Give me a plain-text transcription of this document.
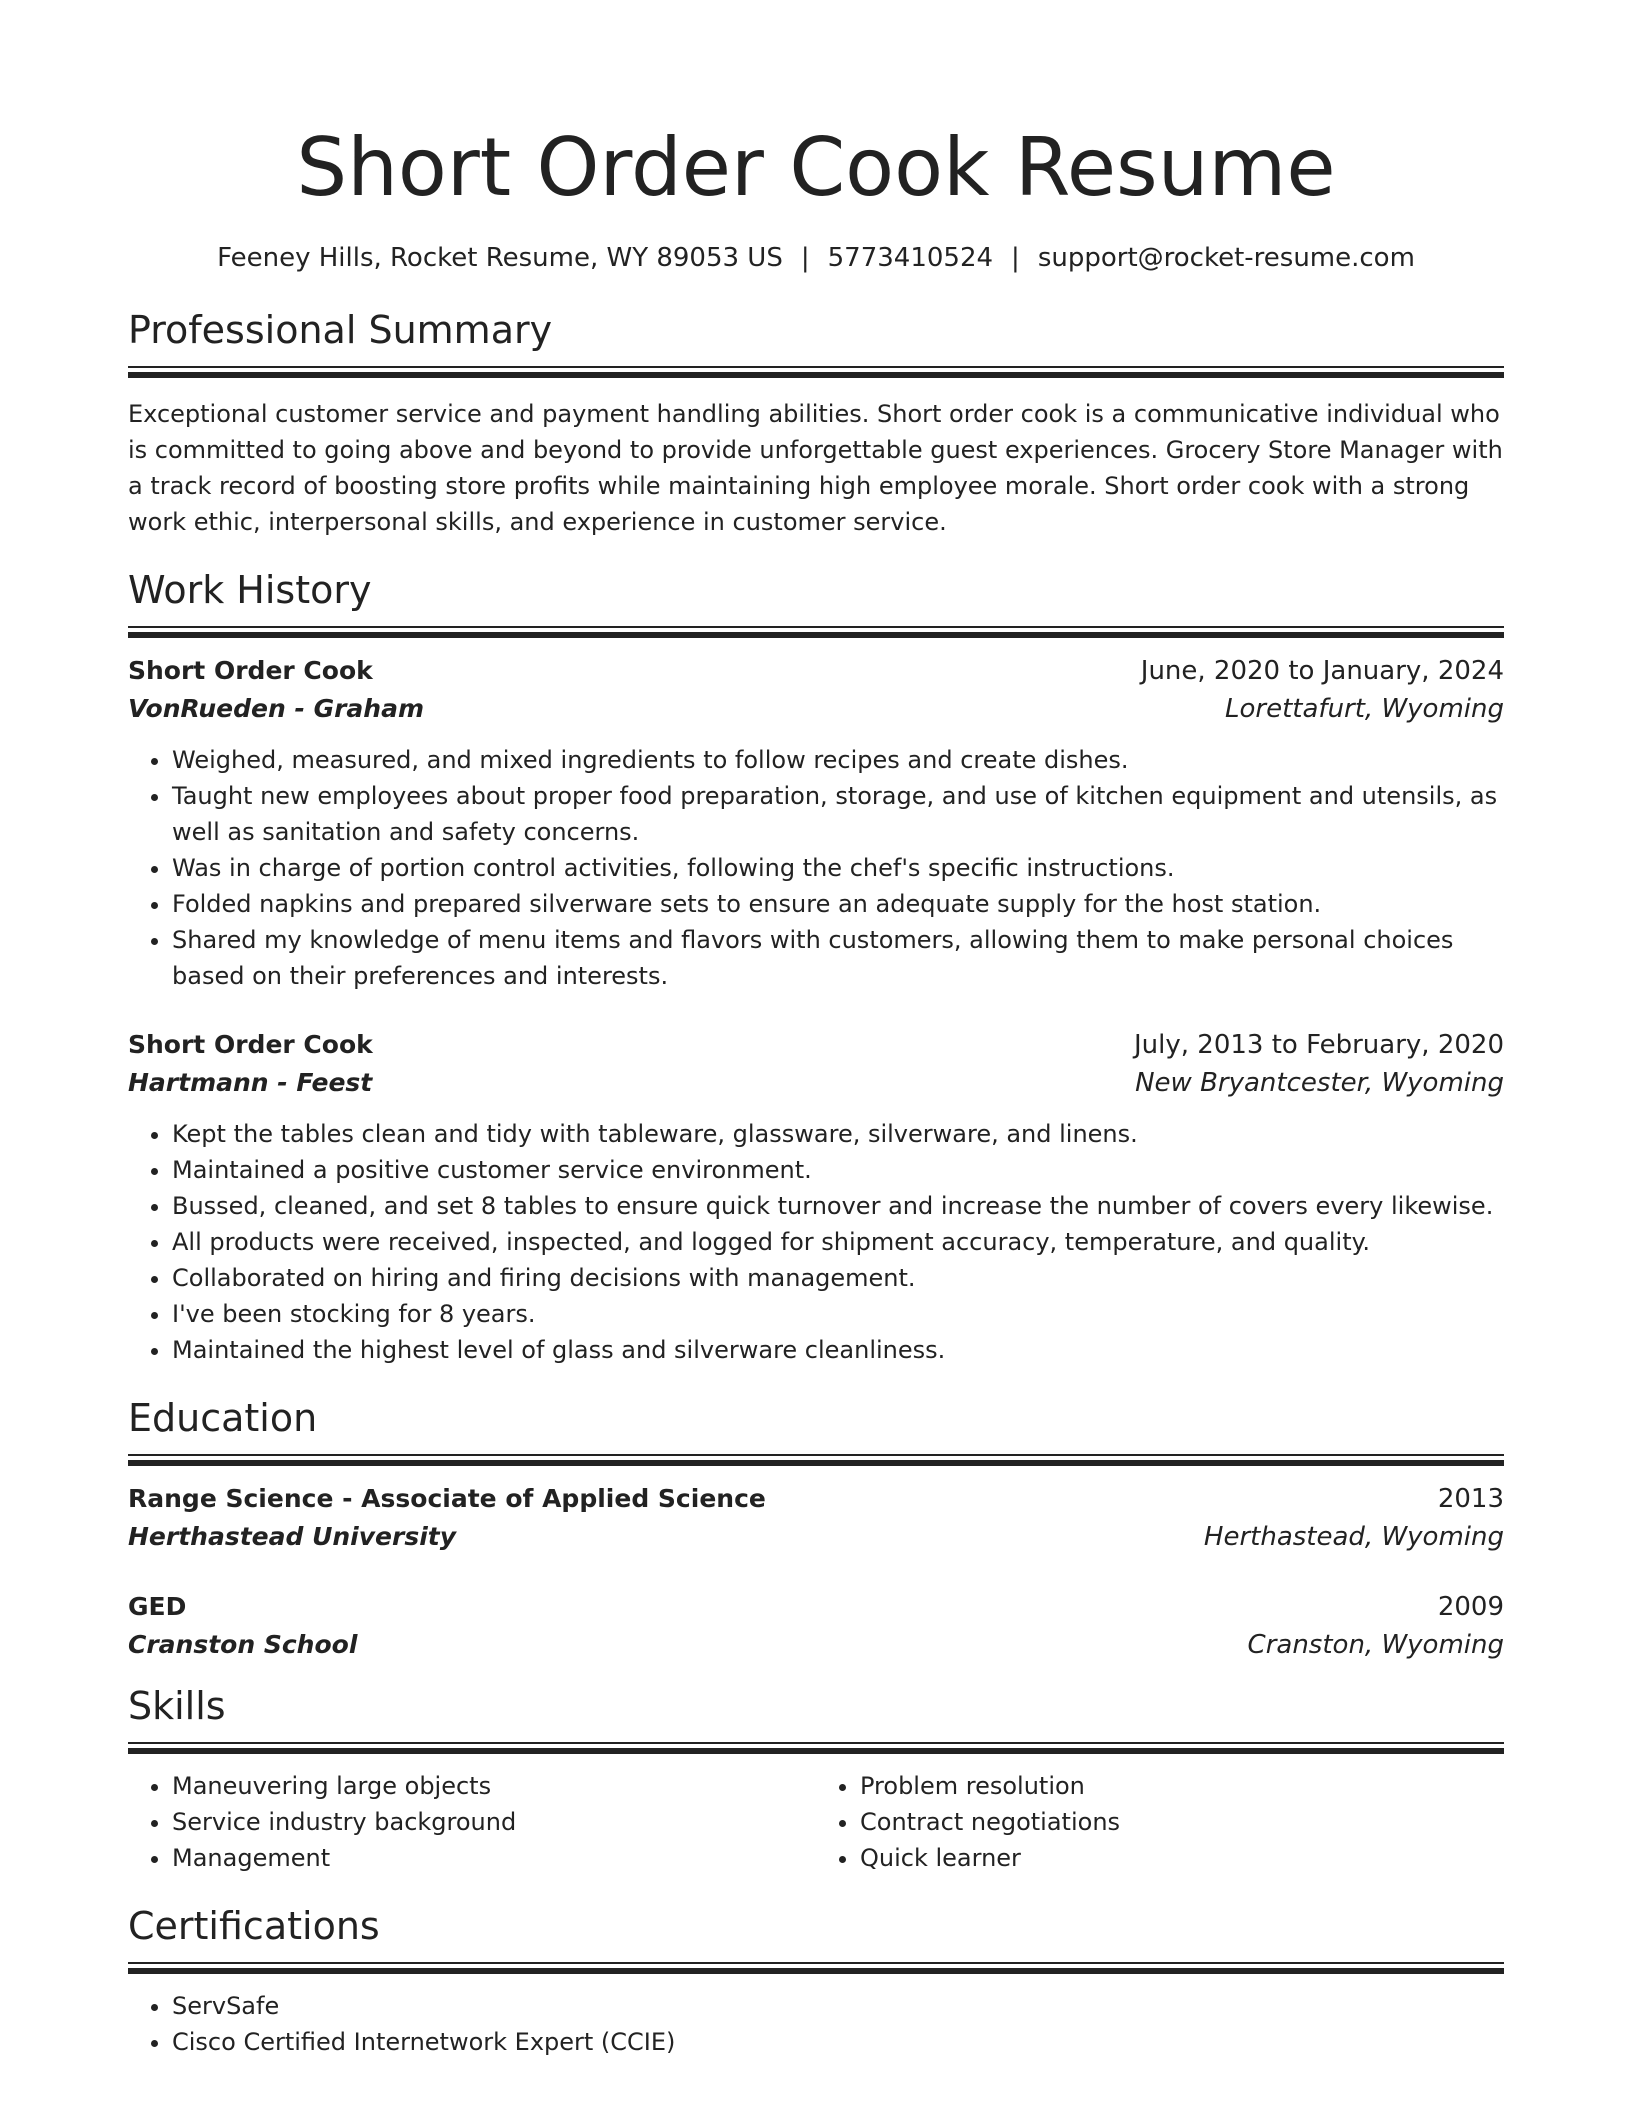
Short Order Cook Resume
Feeney Hills, Rocket Resume, WY 89053 US | 5773410524 | support@rocket-resume.com
Professional Summary

Exceptional customer service and payment handling abilities. Short order cook is a communicative individual who is committed to going above and beyond to provide unforgettable guest experiences. Grocery Store Manager with a track record of boosting store profits while maintaining high employee morale. Short order cook with a strong work ethic, interpersonal skills, and experience in customer service.

Work History
Short Order Cook	June, 2020 to January, 2024
VonRueden - Graham	Lorettafurt, Wyoming
• Weighed, measured, and mixed ingredients to follow recipes and create dishes.
• Taught new employees about proper food preparation, storage, and use of kitchen equipment and utensils, as well as sanitation and safety concerns.
• Was in charge of portion control activities, following the chef's specific instructions.
• Folded napkins and prepared silverware sets to ensure an adequate supply for the host station.
• Shared my knowledge of menu items and flavors with customers, allowing them to make personal choices based on their preferences and interests.
Short Order Cook	July, 2013 to February, 2020
Hartmann - Feest	New Bryantcester, Wyoming
• Kept the tables clean and tidy with tableware, glassware, silverware, and linens.
• Maintained a positive customer service environment.
• Bussed, cleaned, and set 8 tables to ensure quick turnover and increase the number of covers every likewise.
• All products were received, inspected, and logged for shipment accuracy, temperature, and quality.
• Collaborated on hiring and firing decisions with management.
• I've been stocking for 8 years.
• Maintained the highest level of glass and silverware cleanliness.
Education
Range Science - Associate of Applied Science	2013
Herthastead University	Herthastead, Wyoming
GED	2009
Cranston School	Cranston, Wyoming
Skills
• Maneuvering large objects
• Service industry background
• Management
• Problem resolution
• Contract negotiations
• Quick learner
Certifications
• ServSafe
• Cisco Certified Internetwork Expert (CCIE)
